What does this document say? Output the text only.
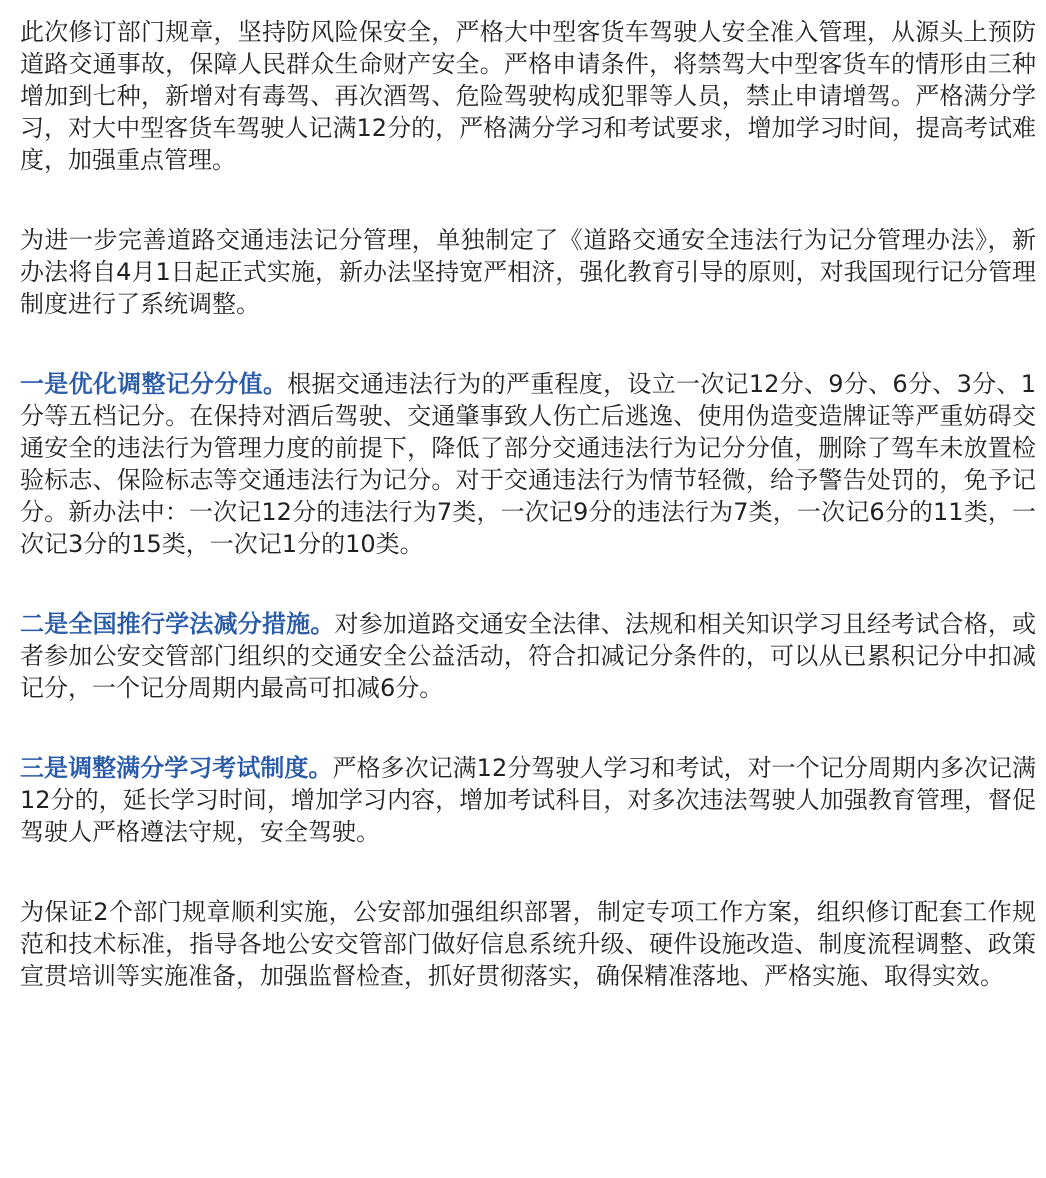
此次修订部门规章，坚持防风险保安全，严格大中型客货车驾驶人安全准入管理，从源头上预防道路交通事故，保障人民群众生命财产安全。严格申请条件，将禁驾大中型客货车的情形由三种增加到七种，新增对有毒驾、再次酒驾、危险驾驶构成犯罪等人员，禁止申请增驾。严格满分学习，对大中型客货车驾驶人记满12分的，严格满分学习和考试要求，增加学习时间，提高考试难度，加强重点管理。

为进一步完善道路交通违法记分管理，单独制定了《道路交通安全违法行为记分管理办法》，新办法将自4月1日起正式实施，新办法坚持宽严相济，强化教育引导的原则，对我国现行记分管理制度进行了系统调整。

一是优化调整记分分值。根据交通违法行为的严重程度，设立一次记12分、9分、6分、3分、1分等五档记分。在保持对酒后驾驶、交通肇事致人伤亡后逃逸、使用伪造变造牌证等严重妨碍交通安全的违法行为管理力度的前提下，降低了部分交通违法行为记分分值，删除了驾车未放置检验标志、保险标志等交通违法行为记分。对于交通违法行为情节轻微，给予警告处罚的，免予记分。新办法中：一次记12分的违法行为7类，一次记9分的违法行为7类，一次记6分的11类，一次记3分的15类，一次记1分的10类。

二是全国推行学法减分措施。对参加道路交通安全法律、法规和相关知识学习且经考试合格，或者参加公安交管部门组织的交通安全公益活动，符合扣减记分条件的，可以从已累积记分中扣减记分，一个记分周期内最高可扣减6分。

三是调整满分学习考试制度。严格多次记满12分驾驶人学习和考试，对一个记分周期内多次记满12分的，延长学习时间，增加学习内容，增加考试科目，对多次违法驾驶人加强教育管理，督促驾驶人严格遵法守规，安全驾驶。

为保证2个部门规章顺利实施，公安部加强组织部署，制定专项工作方案，组织修订配套工作规范和技术标准，指导各地公安交管部门做好信息系统升级、硬件设施改造、制度流程调整、政策宣贯培训等实施准备，加强监督检查，抓好贯彻落实，确保精准落地、严格实施、取得实效。
